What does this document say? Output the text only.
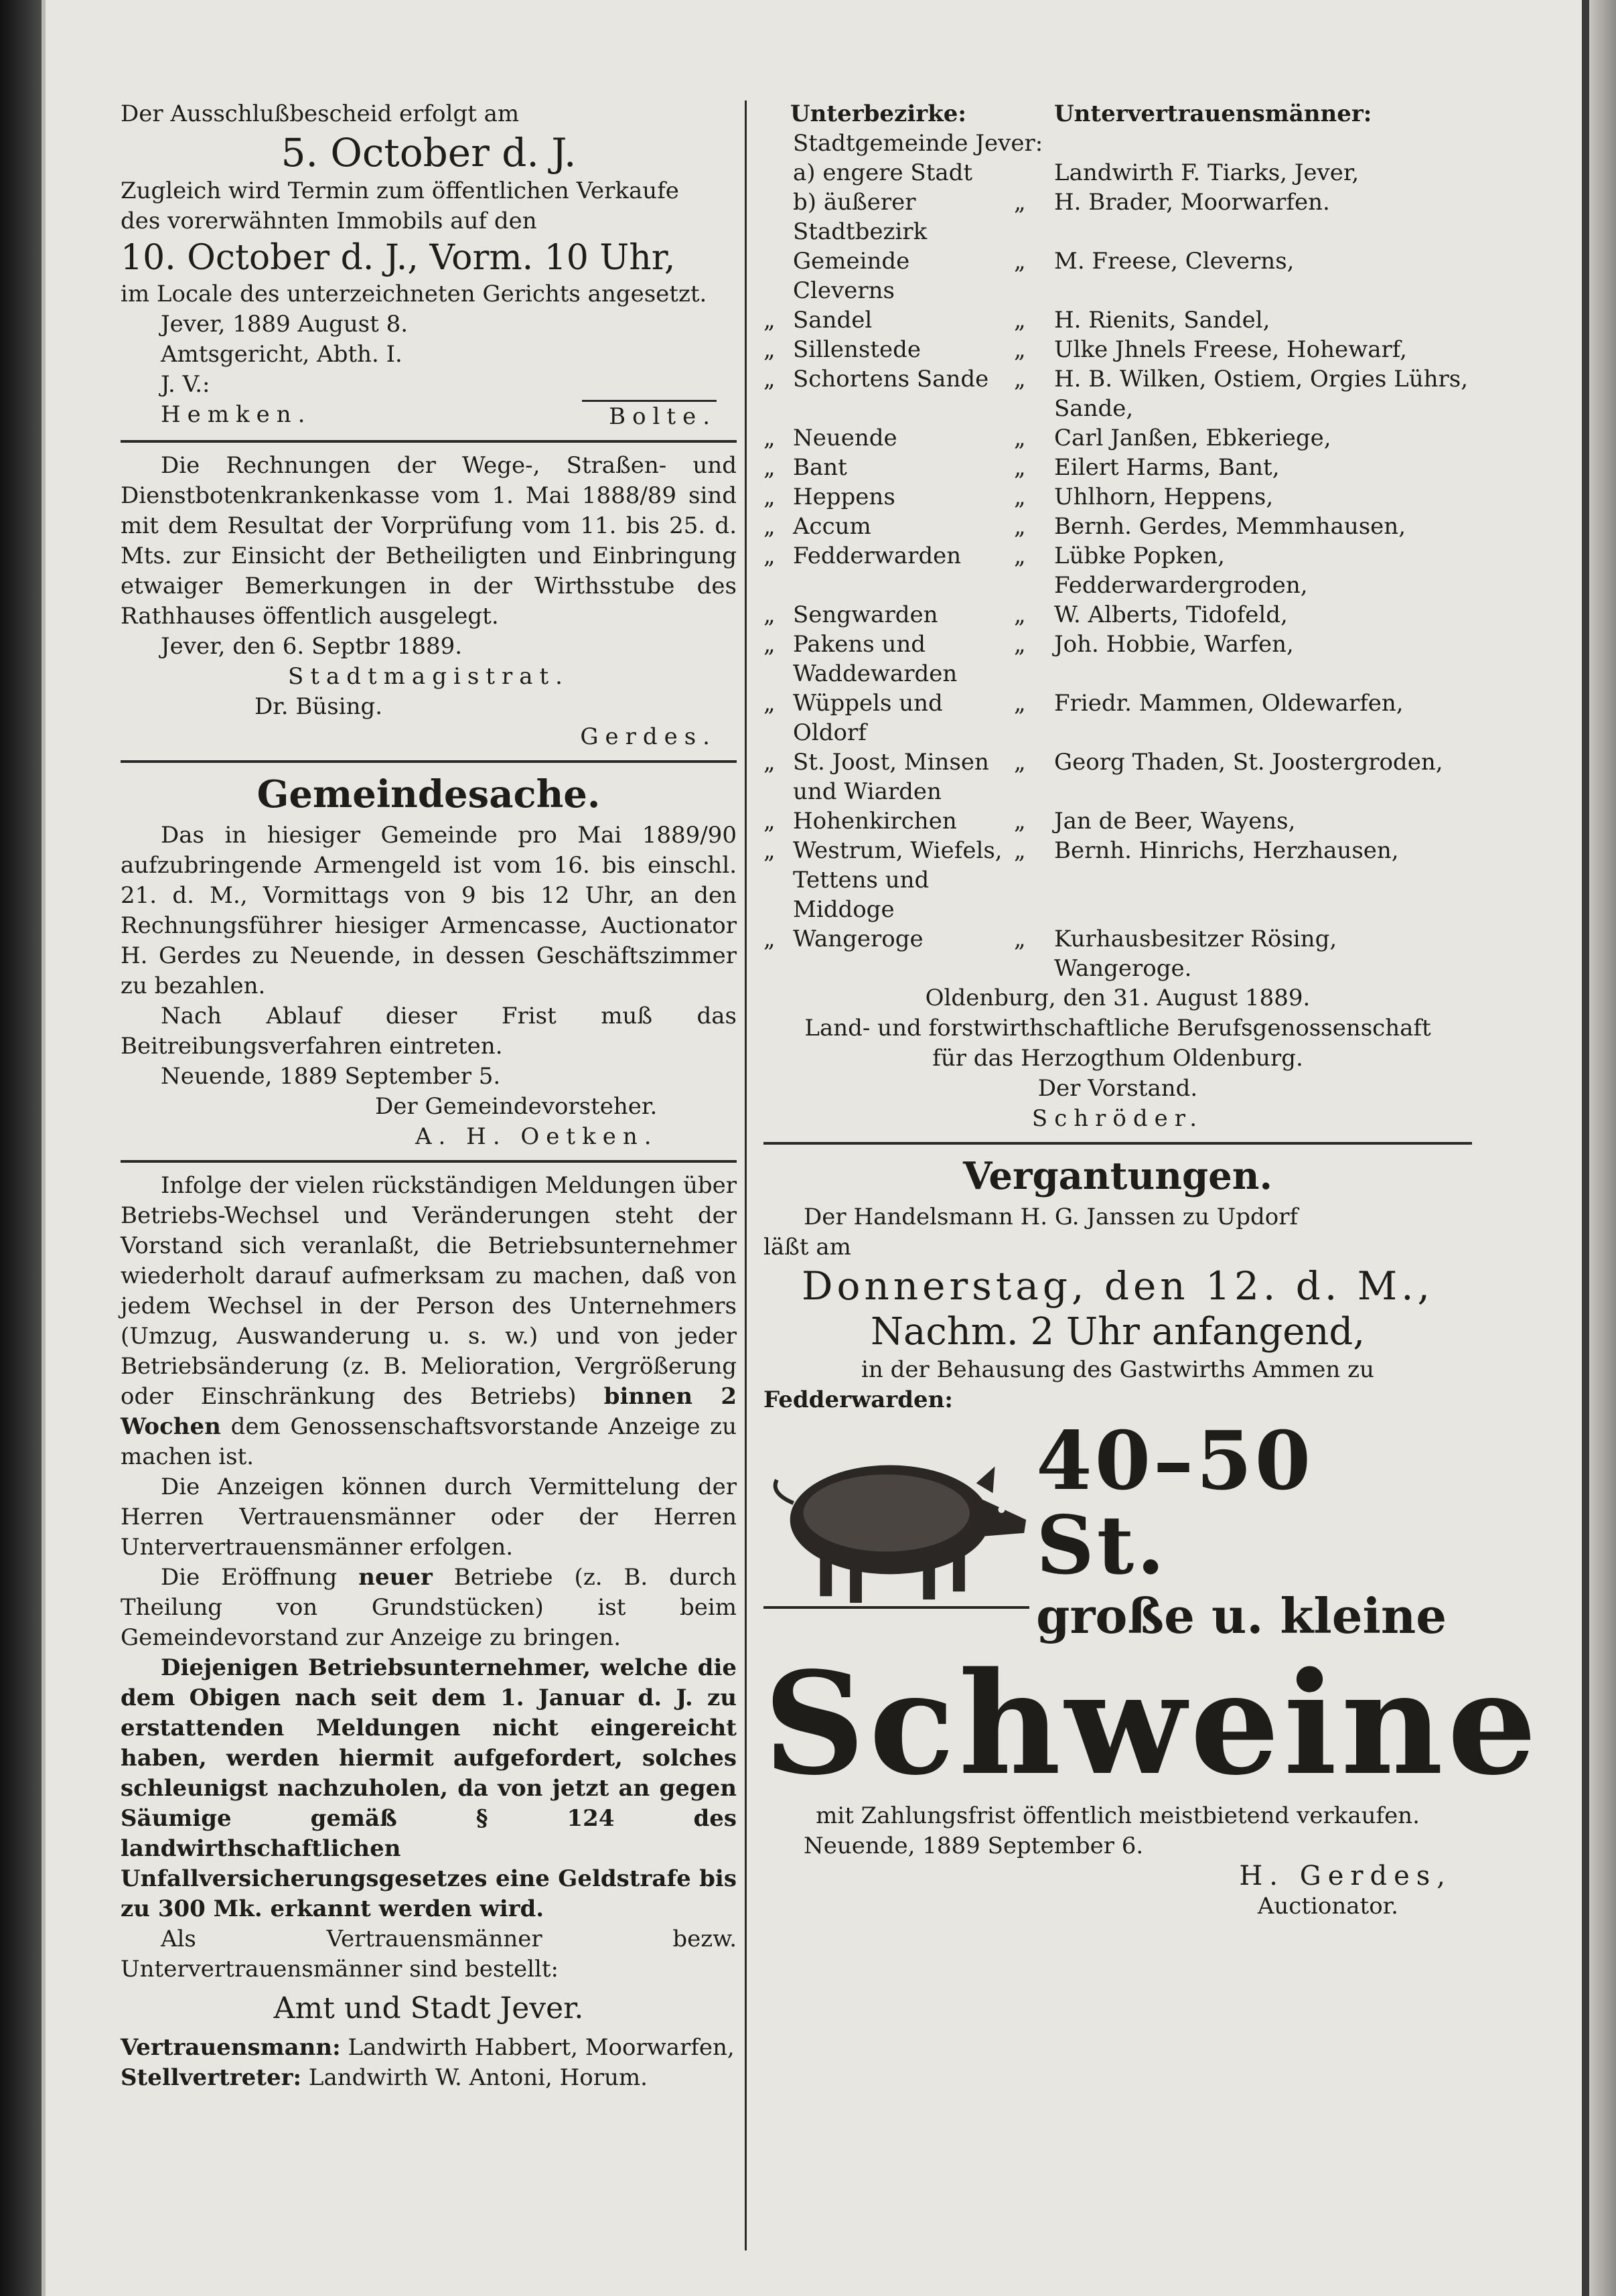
Der Ausschlußbescheid erfolgt am

5. October d. J.

Zugleich wird Termin zum öffentlichen Verkaufe

des vorerwähnten Immobils auf den

10. October d. J., Vorm. 10 Uhr,

im Locale des unterzeichneten Gerichts angesetzt.

Jever, 1889 August 8.

Amtsgericht, Abth. I.

J. V.:

Hemken.	Bolte.

Die Rechnungen der Wege-, Straßen- und Dienstbotenkrankenkasse vom 1. Mai 1888/89 sind mit dem Resultat der Vorprüfung vom 11. bis 25. d. Mts. zur Einsicht der Betheiligten und Einbringung etwaiger Bemerkungen in der Wirthsstube des Rathhauses öffentlich ausgelegt.

Jever, den 6. Septbr 1889.

Stadtmagistrat.

Dr. Büsing.

Gerdes.

Gemeindesache.

Das in hiesiger Gemeinde pro Mai 1889/90 aufzubringende Armengeld ist vom 16. bis einschl. 21. d. M., Vormittags von 9 bis 12 Uhr, an den Rechnungsführer hiesiger Armencasse, Auctionator H. Gerdes zu Neuende, in dessen Geschäftszimmer zu bezahlen.

Nach Ablauf dieser Frist muß das Beitreibungsverfahren eintreten.

Neuende, 1889 September 5.

Der Gemeindevorsteher.

A. H. Oetken.

Infolge der vielen rückständigen Meldungen über Betriebs-Wechsel und Veränderungen steht der Vorstand sich veranlaßt, die Betriebsunternehmer wiederholt darauf aufmerksam zu machen, daß von jedem Wechsel in der Person des Unternehmers (Umzug, Auswanderung u. s. w.) und von jeder Betriebsänderung (z. B. Melioration, Vergrößerung oder Einschränkung des Betriebs) binnen 2 Wochen dem Genossenschaftsvorstande Anzeige zu machen ist.

Die Anzeigen können durch Vermittelung der Herren Vertrauensmänner oder der Herren Untervertrauensmänner erfolgen.

Die Eröffnung neuer Betriebe (z. B. durch Theilung von Grundstücken) ist beim Gemeindevorstand zur Anzeige zu bringen.

Diejenigen Betriebsunternehmer, welche die dem Obigen nach seit dem 1. Januar d. J. zu erstattenden Meldungen nicht eingereicht haben, werden hiermit aufgefordert, solches schleunigst nachzuholen, da von jetzt an gegen Säumige gemäß § 124 des landwirthschaftlichen Unfallversicherungsgesetzes eine Geldstrafe bis zu 300 Mk. erkannt werden wird.

Als Vertrauensmänner bezw. Untervertrauensmänner sind bestellt:

Amt und Stadt Jever.

Vertrauensmann: Landwirth Habbert, Moorwarfen,

Stellvertreter: Landwirth W. Antoni, Horum.

Unterbezirke:		Untervertrauensmänner:	
	Stadtgemeinde Jever:		
	a) engere Stadt		Landwirth F. Tiarks, Jever,
	b) äußerer Stadtbezirk	„	H. Brader, Moorwarfen.
	Gemeinde Cleverns	„	M. Freese, Cleverns,
„	Sandel	„	H. Rienits, Sandel,
„	Sillenstede	„	Ulke Jhnels Freese, Hohewarf,
„	Schortens Sande	„	H. B. Wilken, Ostiem, Orgies Lührs, Sande,
„	Neuende	„	Carl Janßen, Ebkeriege,
„	Bant	„	Eilert Harms, Bant,
„	Heppens	„	Uhlhorn, Heppens,
„	Accum	„	Bernh. Gerdes, Memmhausen,
„	Fedderwarden	„	Lübke Popken, Fedderwardergroden,
„	Sengwarden	„	W. Alberts, Tidofeld,
„	Pakens und Waddewarden	„	Joh. Hobbie, Warfen,
„	Wüppels und Oldorf	„	Friedr. Mammen, Oldewarfen,
„	St. Joost, Minsen und Wiarden	„	Georg Thaden, St. Joostergroden,
„	Hohenkirchen	„	Jan de Beer, Wayens,
„	Westrum, Wiefels, Tettens und Middoge	„	Bernh. Hinrichs, Herzhausen,
„	Wangeroge	„	Kurhausbesitzer Rösing, Wangeroge.

Oldenburg, den 31. August 1889.

Land- und forstwirthschaftliche Berufsgenossenschaft

für das Herzogthum Oldenburg.

Der Vorstand.

Schröder.

Vergantungen.

Der Handelsmann H. G. Janssen zu Updorf

läßt am

Donnerstag, den 12. d. M.,

Nachm. 2 Uhr anfangend,

in der Behausung des Gastwirths Ammen zu

Fedderwarden:

40–50 St.
große u. kleine
Schweine

mit Zahlungsfrist öffentlich meistbietend verkaufen.

Neuende, 1889 September 6.

H. Gerdes,

Auctionator.
